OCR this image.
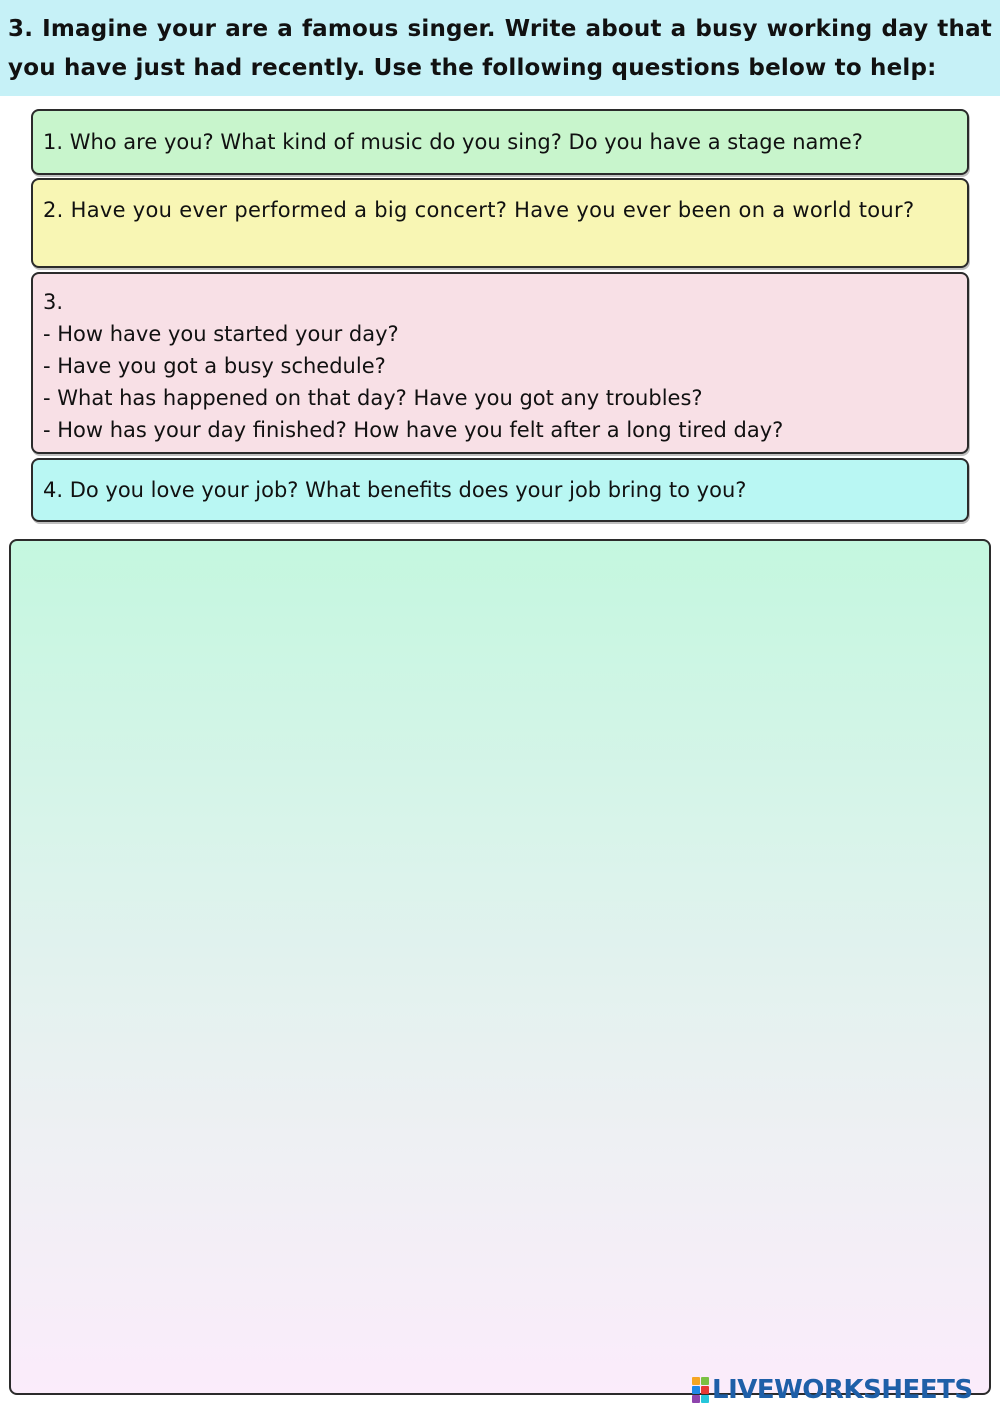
3. Imagine your are a famous singer. Write about a busy working day that you have just had recently. Use the following questions below to help:

1. Who are you? What kind of music do you sing? Do you have a stage name?
2. Have you ever performed a big concert? Have you ever been on a world tour?
3.
- How have you started your day?
- Have you got a busy schedule?
- What has happened on that day? Have you got any troubles?
- How has your day finished? How have you felt after a long tired day?
4. Do you love your job? What benefits does your job bring to you?
LIVEWORKSHEETS
